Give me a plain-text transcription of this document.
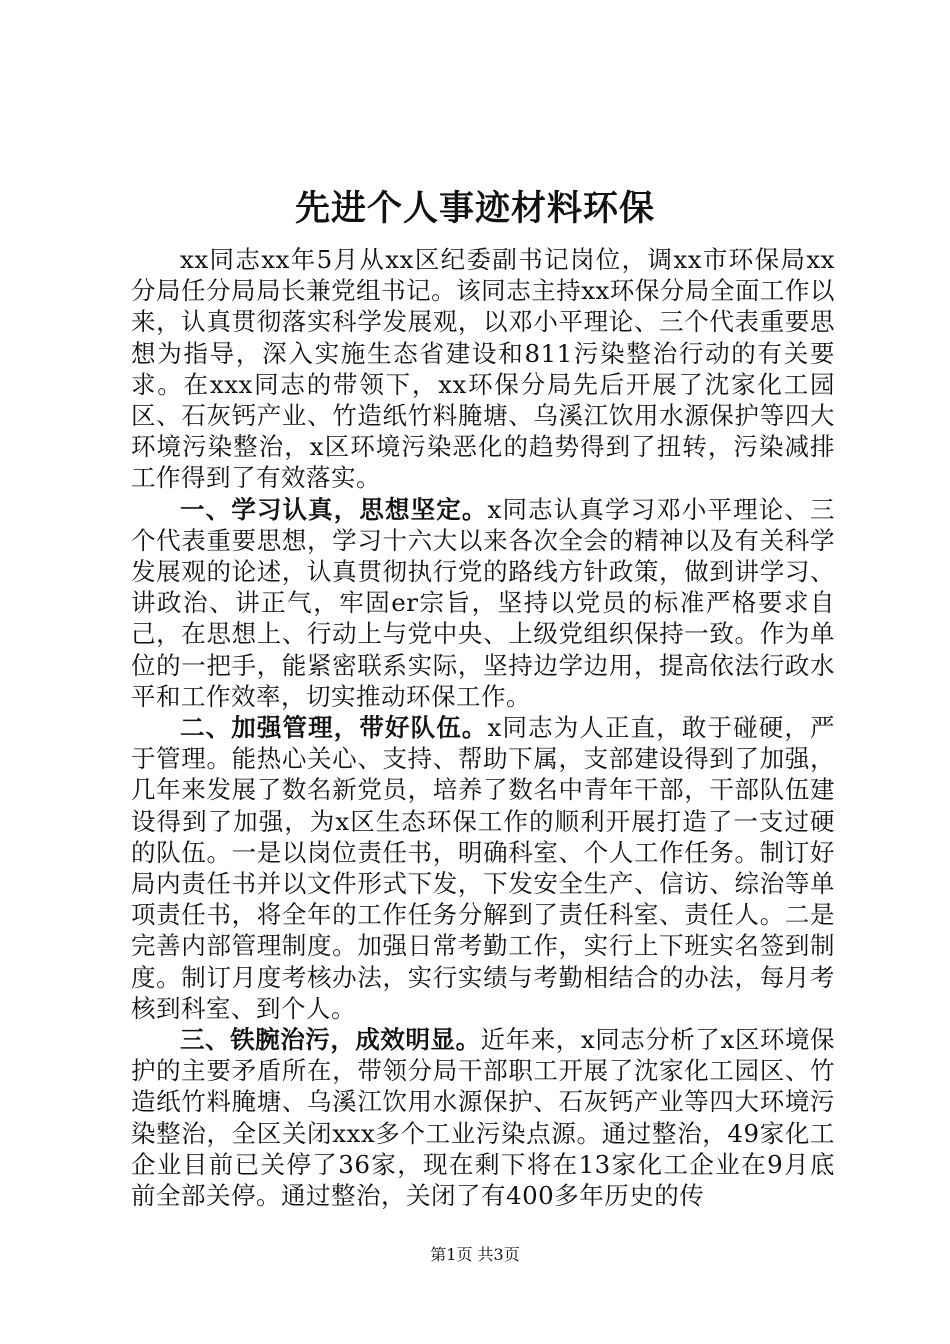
先进个人事迹材料环保

xx同志xx年5月从xx区纪委副书记岗位，调xx市环保局xx分局任分局局长兼党组书记。该同志主持xx环保分局全面工作以来，认真贯彻落实科学发展观，以邓小平理论、三个代表重要思想为指导，深入实施生态省建设和811污染整治行动的有关要求。在xxx同志的带领下，xx环保分局先后开展了沈家化工园区、石灰钙产业、竹造纸竹料腌塘、乌溪江饮用水源保护等四大环境污染整治，x区环境污染恶化的趋势得到了扭转，污染减排工作得到了有效落实。

一、学习认真，思想坚定。x同志认真学习邓小平理论、三个代表重要思想，学习十六大以来各次全会的精神以及有关科学发展观的论述，认真贯彻执行党的路线方针政策，做到讲学习、讲政治、讲正气，牢固er宗旨，坚持以党员的标准严格要求自己，在思想上、行动上与党中央、上级党组织保持一致。作为单位的一把手，能紧密联系实际，坚持边学边用，提高依法行政水平和工作效率，切实推动环保工作。

二、加强管理，带好队伍。x同志为人正直，敢于碰硬，严于管理。能热心关心、支持、帮助下属，支部建设得到了加强，几年来发展了数名新党员，培养了数名中青年干部，干部队伍建设得到了加强，为x区生态环保工作的顺利开展打造了一支过硬的队伍。一是以岗位责任书，明确科室、个人工作任务。制订好局内责任书并以文件形式下发，下发安全生产、信访、综治等单项责任书，将全年的工作任务分解到了责任科室、责任人。二是完善内部管理制度。加强日常考勤工作，实行上下班实名签到制度。制订月度考核办法，实行实绩与考勤相结合的办法，每月考核到科室、到个人。

三、铁腕治污，成效明显。近年来，x同志分析了x区环境保护的主要矛盾所在，带领分局干部职工开展了沈家化工园区、竹造纸竹料腌塘、乌溪江饮用水源保护、石灰钙产业等四大环境污染整治，全区关闭xxx多个工业污染点源。通过整治，49家化工企业目前已关停了36家，现在剩下将在13家化工企业在9月底前全部关停。通过整治，关闭了有400多年历史的传

第1页 共3页
